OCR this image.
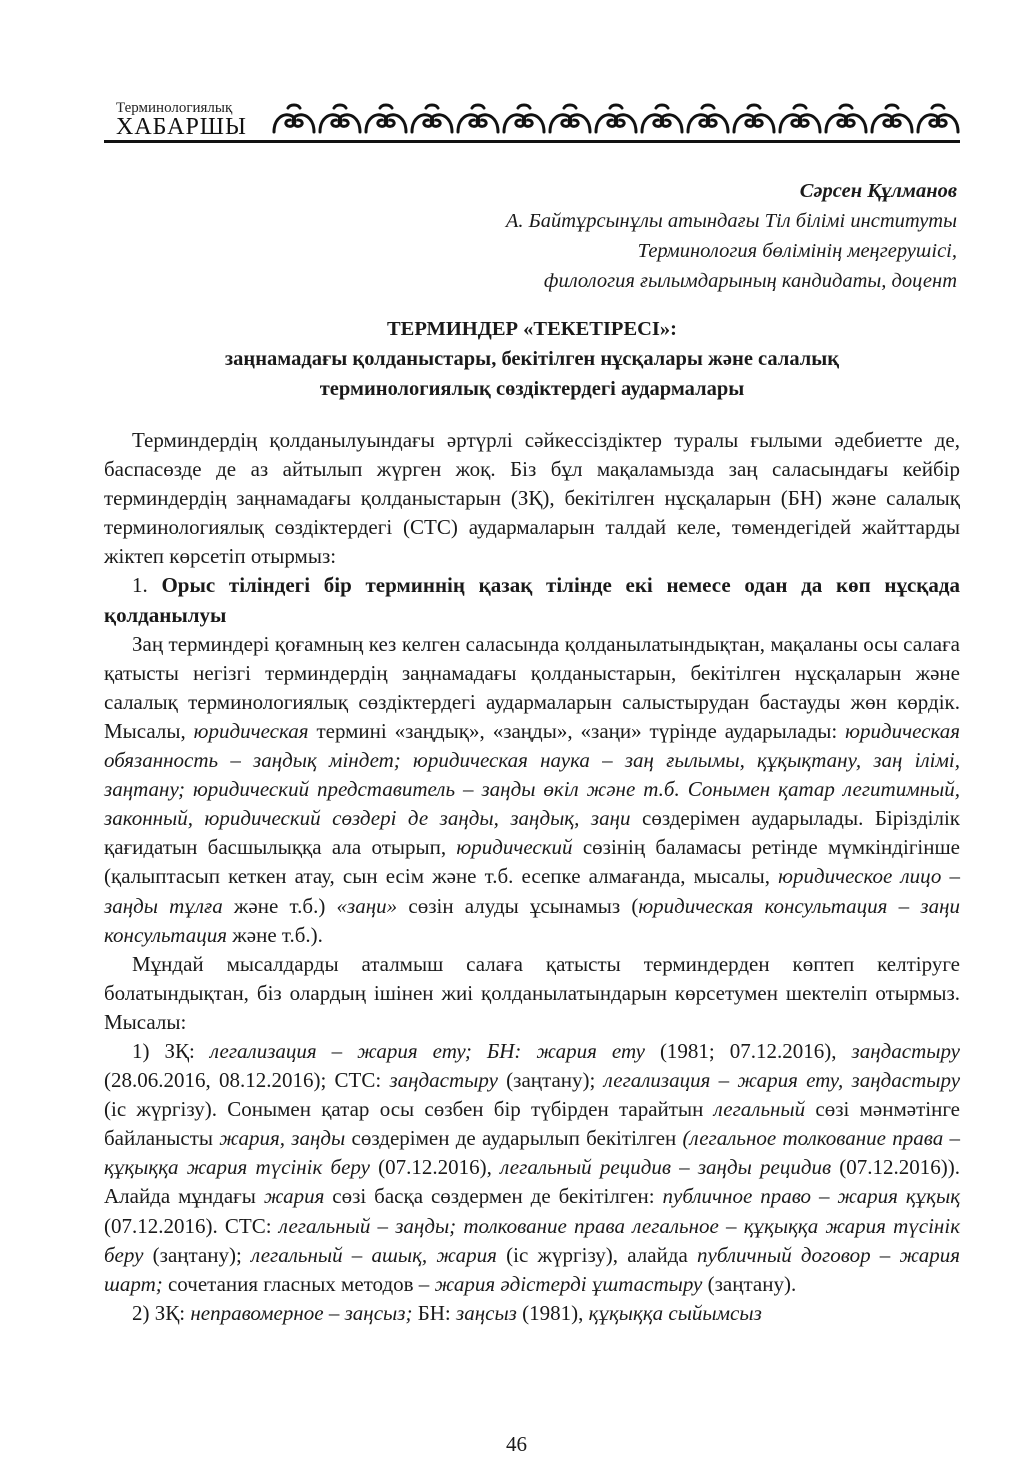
Терминологиялық
ХАБАРШЫ
Сәрсен Құлманов
А. Байтұрсынұлы атындағы Тіл білімі институты
Терминология бөлімінің меңгерушісі,
филология ғылымдарының кандидаты, доцент
ТЕРМИНДЕР «ТЕКЕТІРЕСІ»:
заңнамадағы қолданыстары, бекітілген нұсқалары және салалық
терминологиялық сөздіктердегі аудармалары

Терминдердің қолданылуындағы әртүрлі сәйкессіздіктер туралы ғылыми әдебиетте де, баспасөзде де аз айтылып жүрген жоқ. Біз бұл мақаламызда заң саласындағы кейбір терминдердің заңнамадағы қолданыстарын (ЗҚ), бекітілген нұсқаларын (БН) және салалық терминологиялық сөздіктердегі (СТС) аудармаларын талдай келе, төмендегідей жайттарды жіктеп көрсетіп отырмыз:

1. Орыс тіліндегі бір терминнің қазақ тілінде екі немесе одан да көп нұсқада қолданылуы

Заң терминдері қоғамның кез келген саласында қолданылатындықтан, мақаланы осы салаға қатысты негізгі терминдердің заңнамадағы қолданыстарын, бекітілген нұсқаларын және салалық терминологиялық сөздіктердегі аудармаларын салыстырудан бастауды жөн көрдік. Мысалы, юридическая термині «заңдық», «заңды», «заңи» түрінде аударылады: юридическая обязанность – заңдық міндет; юридическая наука – заң ғылымы, құқықтану, заң ілімі, заңтану; юридический представитель – заңды өкіл және т.б. Сонымен қатар легитимный, законный, юридический сөздері де заңды, заңдық, заңи сөздерімен аударылады. Бірізділік қағидатын басшылыққа ала отырып, юридический сөзінің баламасы ретінде мүмкіндігінше (қалыптасып кеткен атау, сын есім және т.б. есепке алмағанда, мысалы, юридическое лицо – заңды тұлға және т.б.) «заңи» сөзін алуды ұсынамыз (юридическая консультация – заңи консультация және т.б.).

Мұндай мысалдарды аталмыш салаға қатысты терминдерден көптеп келтіруге болатындықтан, біз олардың ішінен жиі қолданылатындарын көрсетумен шектеліп отырмыз. Мысалы:

1) ЗҚ: легализация – жария ету; БН: жария ету (1981; 07.12.2016), заңдастыру (28.06.2016, 08.12.2016); СТС: заңдастыру (заңтану); легализация – жария ету, заңдастыру (іс жүргізу). Сонымен қатар осы сөзбен бір түбірден тарайтын легальный сөзі мәнмәтінге байланысты жария, заңды сөздерімен де аударылып бекітілген (легальное толкование права – құқыққа жария түсінік беру (07.12.2016), легальный рецидив – заңды рецидив (07.12.2016)). Алайда мұндағы жария сөзі басқа сөздермен де бекітілген: публичное право – жария құқық (07.12.2016). СТС: легальный – заңды; толкование права легальное – құқыққа жария түсінік беру (заңтану); легальный – ашық, жария (іс жүргізу), алайда публичный договор – жария шарт; сочетания гласных методов – жария әдістерді ұштастыру (заңтану).

2) ЗҚ: неправомерное – заңсыз; БН: заңсыз (1981), құқыққа сыйымсыз

46
